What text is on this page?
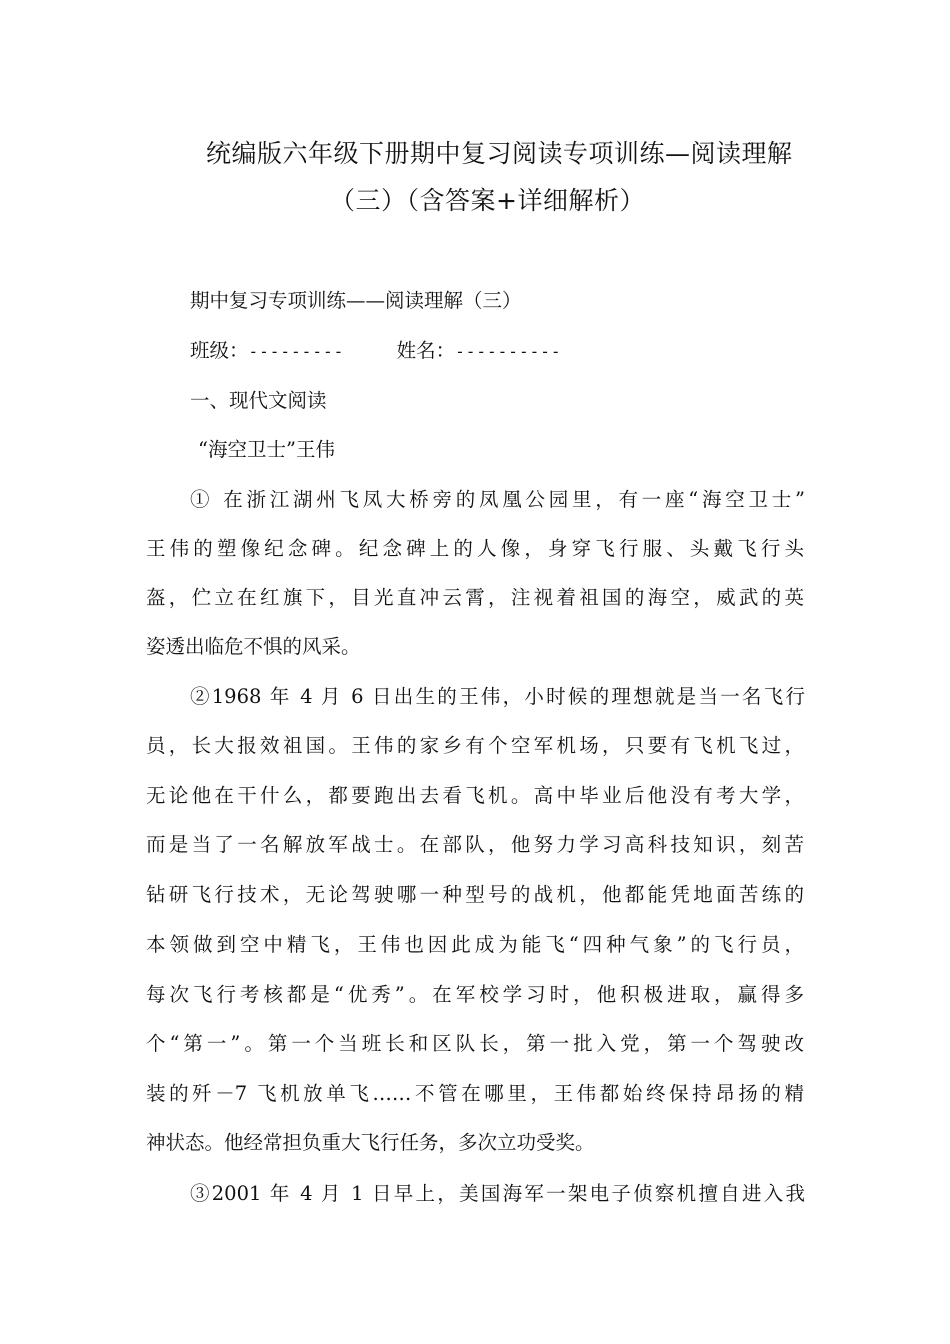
统编版六年级下册期中复习阅读专项训练—阅读理解
（三）（含答案+详细解析）
期中复习专项训练——阅读理解（三）
班级：---------	姓名：----------
一、现代文阅读
“海空卫士”王伟
① 在浙江湖州飞凤大桥旁的凤凰公园里，有一座“海空卫士”
王伟的塑像纪念碑。纪念碑上的人像，身穿飞行服、头戴飞行头
盔，伫立在红旗下，目光直冲云霄，注视着祖国的海空，威武的英
姿透出临危不惧的风采。
②1968 年 4 月 6 日出生的王伟，小时候的理想就是当一名飞行
员，长大报效祖国。王伟的家乡有个空军机场，只要有飞机飞过，
无论他在干什么，都要跑出去看飞机。高中毕业后他没有考大学，
而是当了一名解放军战士。在部队，他努力学习高科技知识，刻苦
钻研飞行技术，无论驾驶哪一种型号的战机，他都能凭地面苦练的
本领做到空中精飞，王伟也因此成为能飞“四种气象”的飞行员，
每次飞行考核都是“优秀”。在军校学习时，他积极进取，赢得多
个“第一”。第一个当班长和区队长，第一批入党，第一个驾驶改
装的歼－7 飞机放单飞……不管在哪里，王伟都始终保持昂扬的精
神状态。他经常担负重大飞行任务，多次立功受奖。
③2001 年 4 月 1 日早上，美国海军一架电子侦察机擅自进入我
